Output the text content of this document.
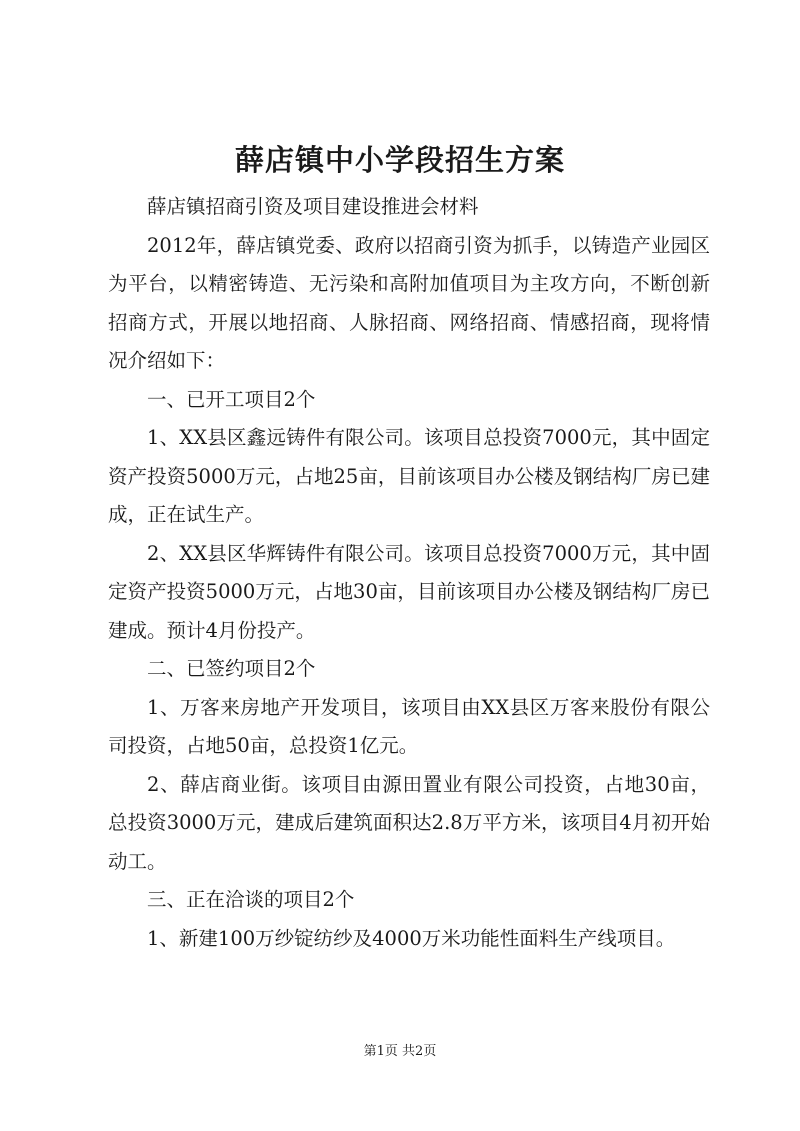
薛店镇中小学段招生方案

薛店镇招商引资及项目建设推进会材料

2012年，薛店镇党委、政府以招商引资为抓手，以铸造产业园区为平台，以精密铸造、无污染和高附加值项目为主攻方向，不断创新招商方式，开展以地招商、人脉招商、网络招商、情感招商，现将情况介绍如下：

一、已开工项目2个

1、XX县区鑫远铸件有限公司。该项目总投资7000元，其中固定资产投资5000万元，占地25亩，目前该项目办公楼及钢结构厂房已建成，正在试生产。

2、XX县区华辉铸件有限公司。该项目总投资7000万元，其中固定资产投资5000万元，占地30亩，目前该项目办公楼及钢结构厂房已建成。预计4月份投产。

二、已签约项目2个

1、万客来房地产开发项目，该项目由XX县区万客来股份有限公司投资，占地50亩，总投资1亿元。

2、薛店商业街。该项目由源田置业有限公司投资，占地30亩，总投资3000万元，建成后建筑面积达2.8万平方米，该项目4月初开始动工。

三、正在洽谈的项目2个

1、新建100万纱锭纺纱及4000万米功能性面料生产线项目。

第1页 共2页
